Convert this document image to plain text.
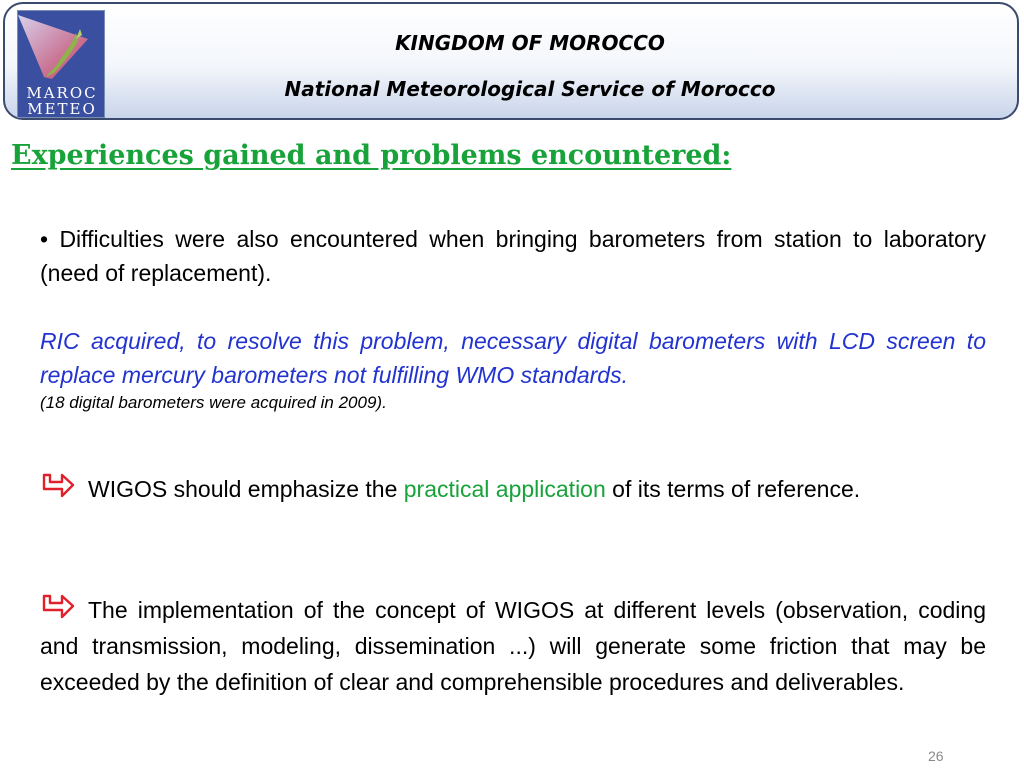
MAROC
METEO
KINGDOM OF MOROCCO
National Meteorological Service of Morocco
Experiences gained and problems encountered:

• Difficulties were also encountered when bringing barometers from station to laboratory (need of replacement).

RIC acquired, to resolve this problem, necessary digital barometers with LCD screen to replace mercury barometers not fulfilling WMO standards.

(18 digital barometers were acquired in 2009).

WIGOS should emphasize the practical application of its terms of reference.

The implementation of the concept of WIGOS at different levels (observation, coding and transmission, modeling, dissemination ...) will generate some friction that may be exceeded by the definition of clear and comprehensible procedures and deliverables.

26
